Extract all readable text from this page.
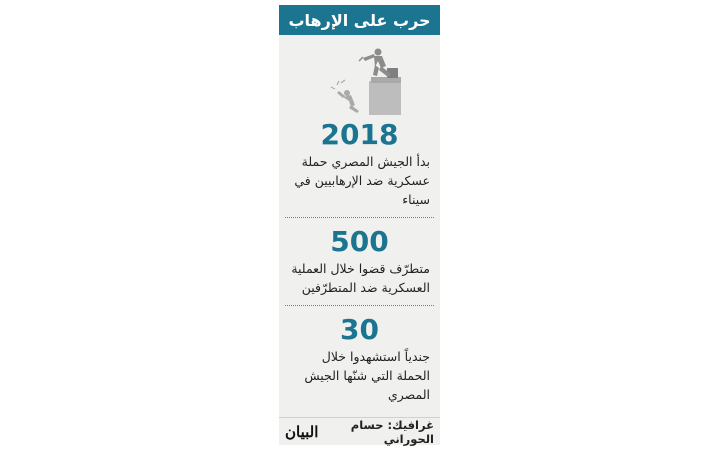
حرب على الإرهاب
2018
بدأ الجيش المصري حملة عسكرية ضد الإرهابيين في سيناء
500
متطرّف قضوا خلال العملية العسكرية ضد المتطرّفين
30
جندياً استشهدوا خلال الحملة التي شنّها الجيش المصري
البيان	غرافيك: حسام الحوراني
